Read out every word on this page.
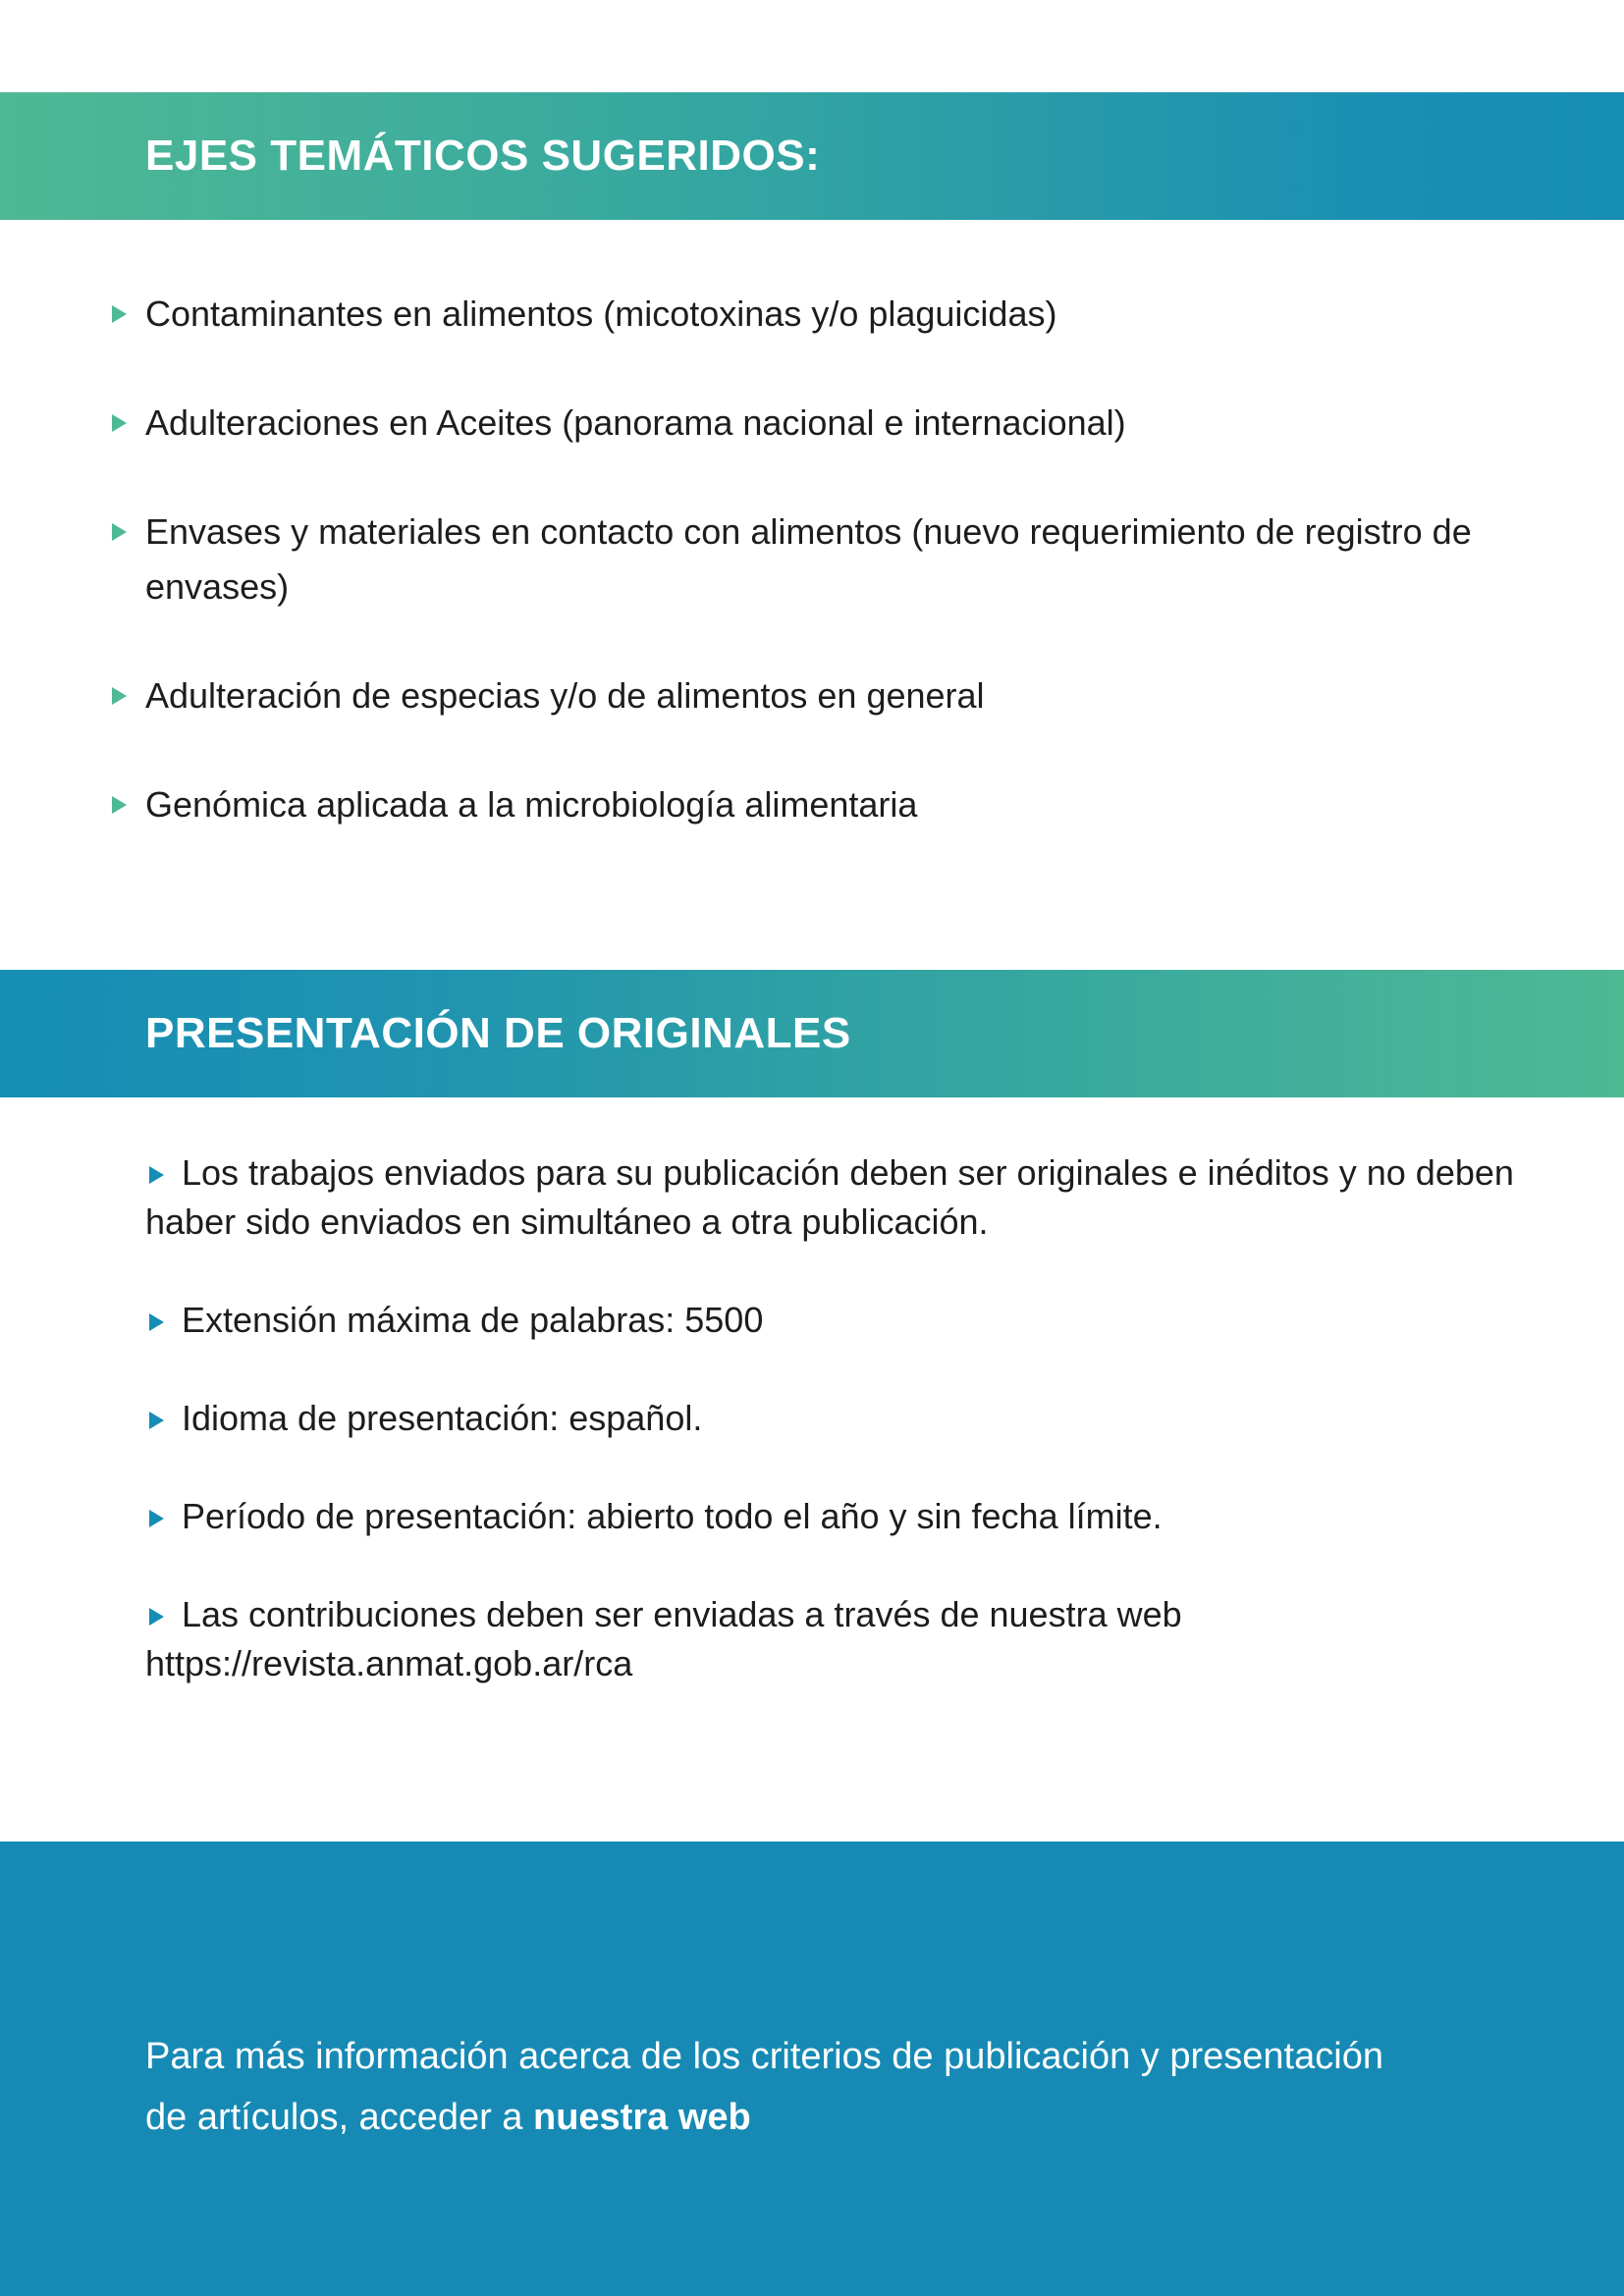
EJES TEMÁTICOS SUGERIDOS:
Contaminantes en alimentos (micotoxinas y/o plaguicidas)
Adulteraciones en Aceites (panorama nacional e internacional)
Envases y materiales en contacto con alimentos (nuevo requerimiento de registro de envases)
Adulteración de especias y/o de alimentos en general
Genómica aplicada a la microbiología alimentaria
PRESENTACIÓN DE ORIGINALES
Los trabajos enviados para su publicación deben ser originales e inéditos y no deben haber sido enviados en simultáneo a otra publicación.
Extensión máxima de palabras: 5500
Idioma de presentación: español.
Período de presentación: abierto todo el año y sin fecha límite.
Las contribuciones deben ser enviadas a través de nuestra web
https://revista.anmat.gob.ar/rca

Para más información acerca de los criterios de publicación y presentación de artículos, acceder a nuestra web
